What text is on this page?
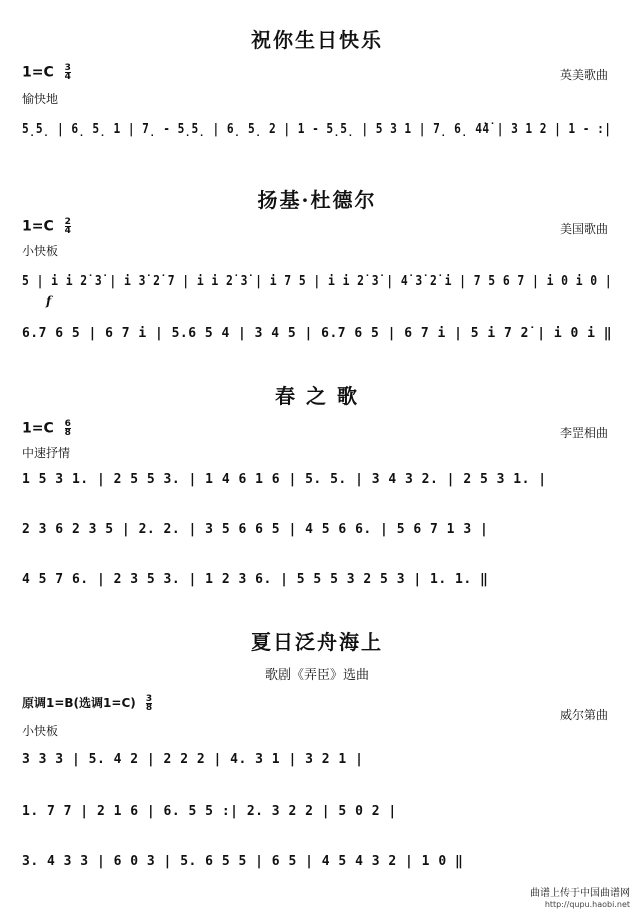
祝你生日快乐
$1=C \frac{3}{4}$	英美歌曲
愉快地
5̣5̣ | 6̣ 5̣ 1 | 7̣ - 5̣5̣ | 6̣ 5̣ 2 | 1 - 5̣5̣ | 5 3 1 | 7̣ 6̣ 4̇4̇ | 3 1 2 | 1 - :|
扬基·杜德尔
$1=C \frac{2}{4}$	美国歌曲
小快板
5 | i i 2̇ 3̇ | i 3̇ 2̇ 7 | i i 2̇ 3̇ | i 7 5 | i i 2̇ 3̇ | 4̇ 3̇ 2̇ i | 7 5 6 7 | i 0 i 0 |
f
6.7 6 5 | 6 7 i | 5.6 5 4 | 3 4 5 | 6.7 6 5 | 6 7 i | 5 i 7 2̇ | i 0 i ‖
春 之 歌
$1=C \frac{6}{8}$	李罡相曲
中速抒情
1 5 3 1. | 2 5 5 3. | 1 4 6 1 6 | 5. 5. | 3 4 3 2. | 2 5 3 1. |
2 3 6 2 3 5 | 2. 2. | 3 5 6 6 5 | 4 5 6 6. | 5 6 7 1 3 |
4 5 7 6. | 2 3 5 3. | 1 2 3 6. | 5 5 5 3 2 5 3 | 1. 1. ‖
夏日泛舟海上
歌剧《弄臣》选曲
原调1=B(选调$1=C) \frac{3}{8}$
威尔第曲
小快板
3 3 3 | 5. 4 2 | 2 2 2 | 4. 3 1 | 3 2 1 |
1. 7 7 | 2 1 6 | 6. 5 5 :| 2. 3 2 2 | 5 0 2 |
3. 4 3 3 | 6 0 3 | 5. 6 5 5 | 6 5 | 4 5 4 3 2 | 1 0 ‖
曲谱上传于中国曲谱网
http://qupu.haobi.net
